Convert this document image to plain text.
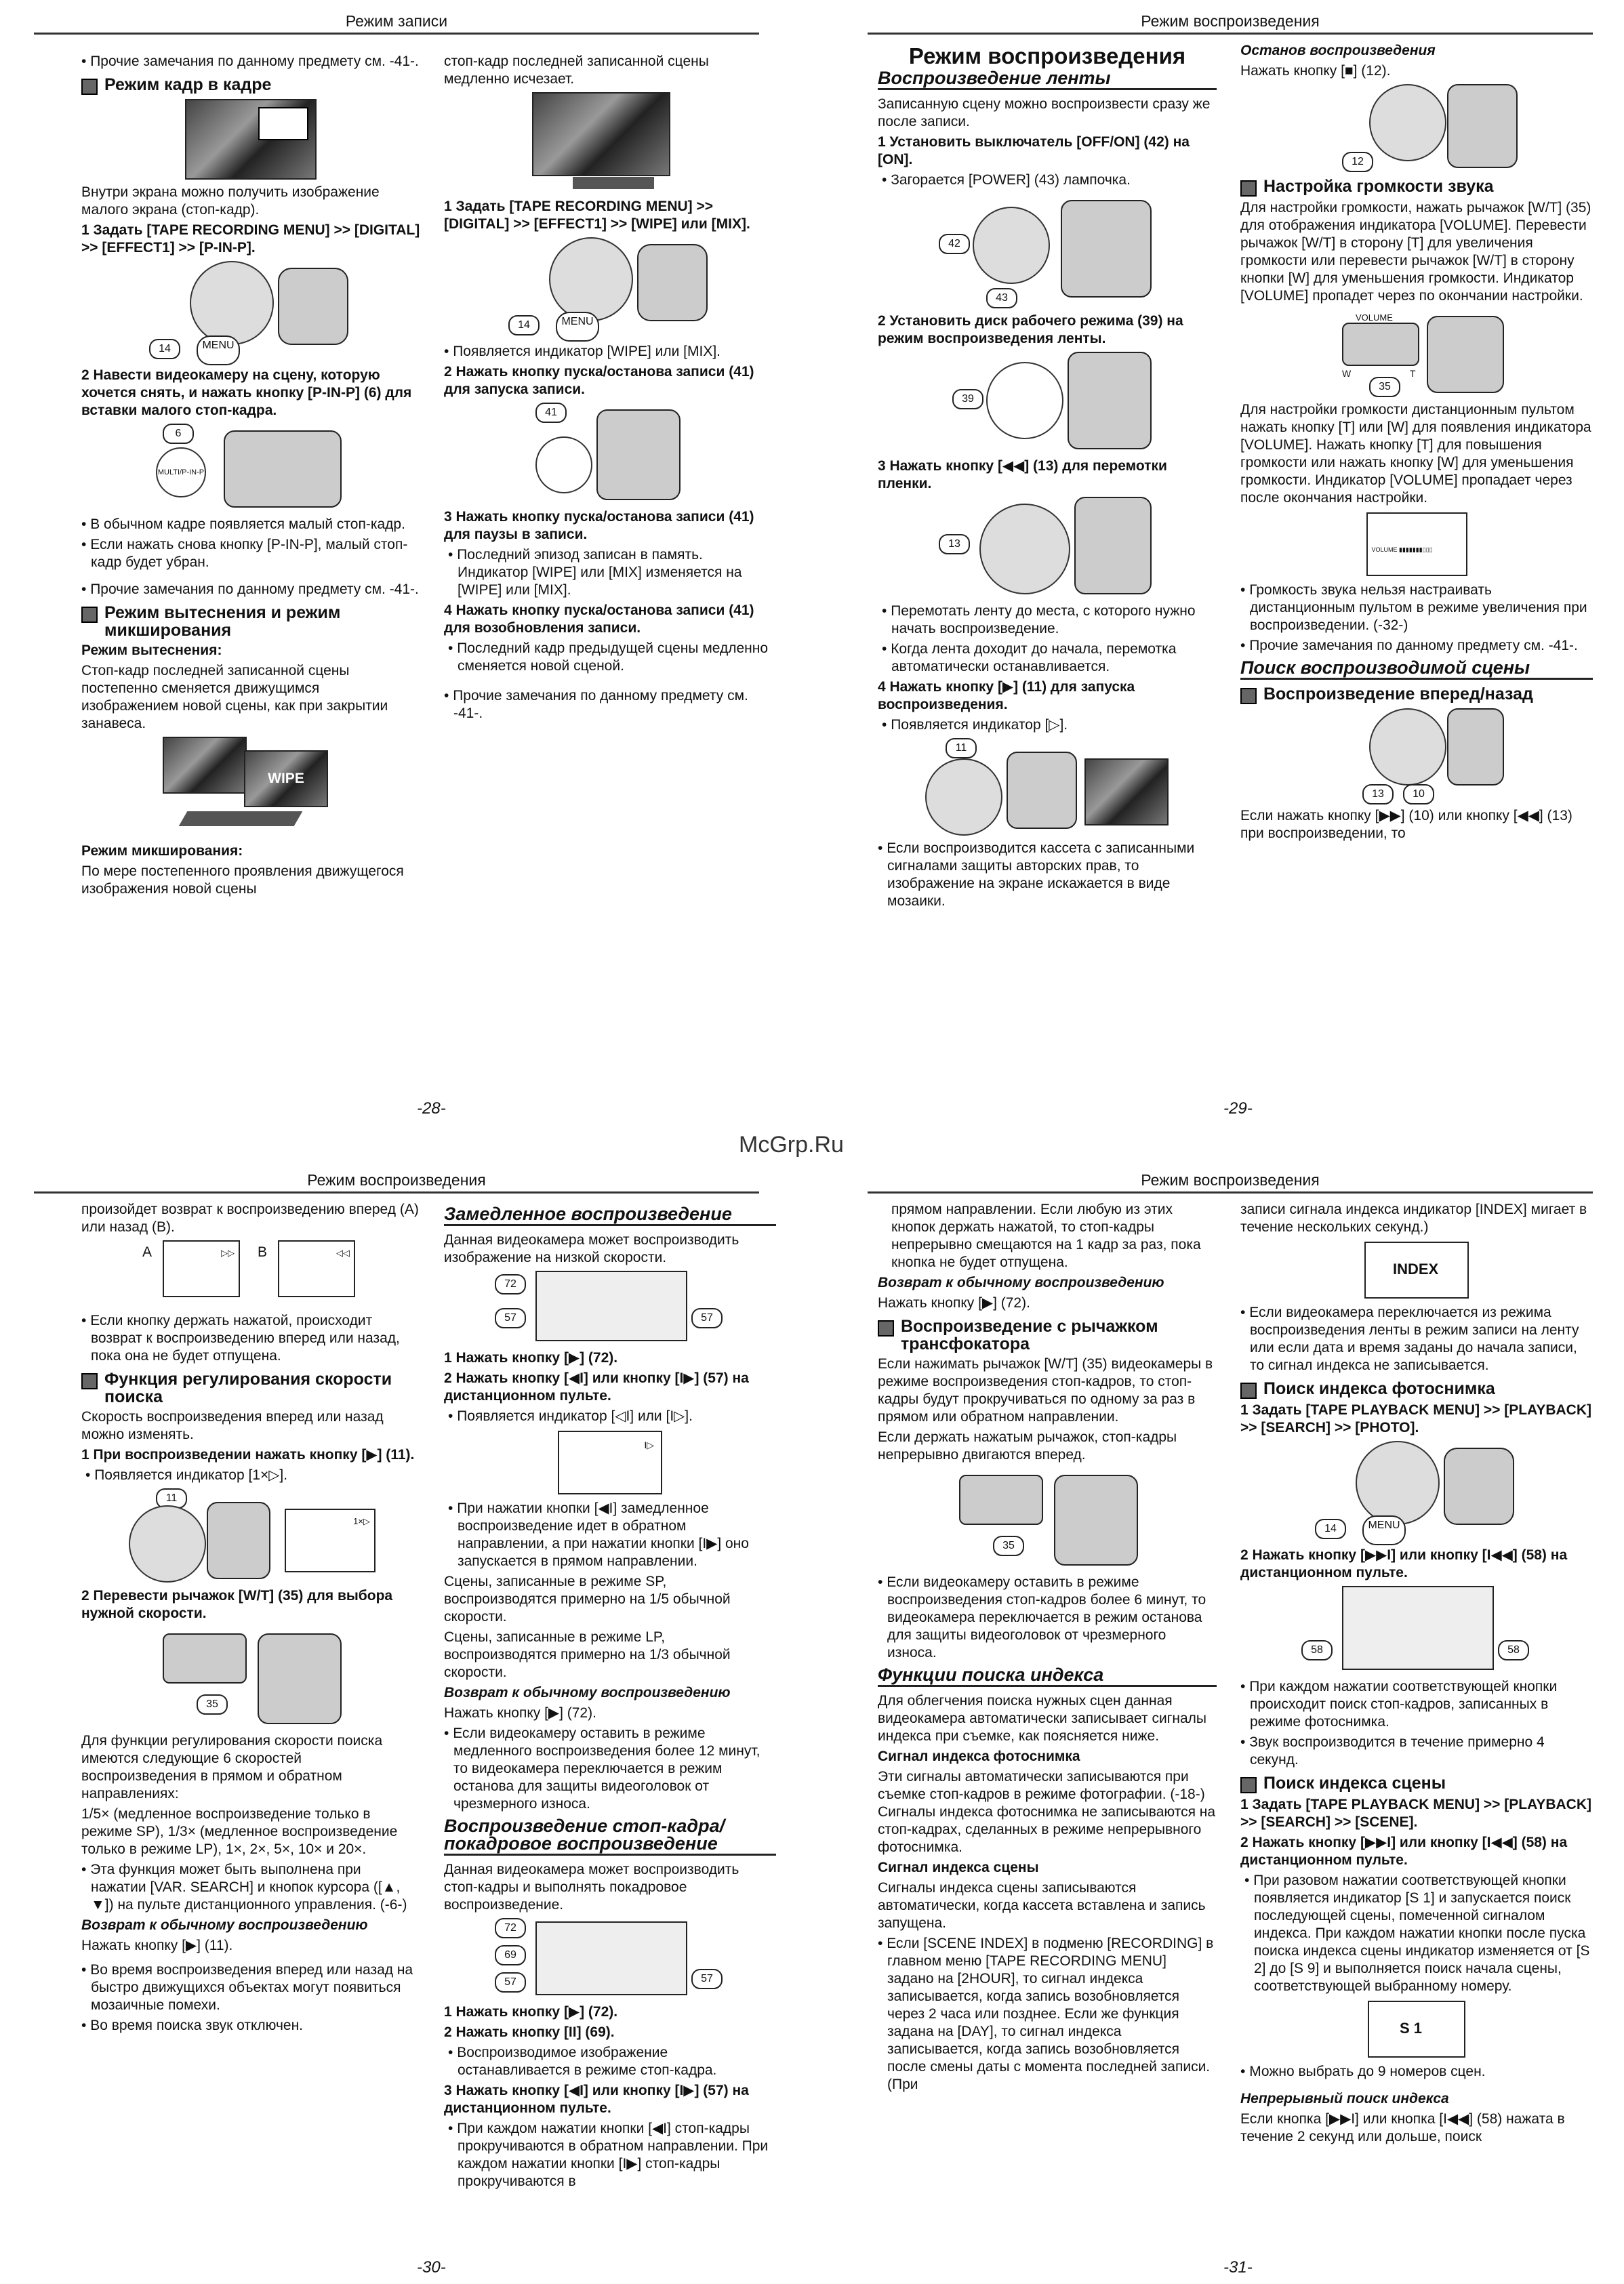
McGrp.Ru
Режим записи

• Прочие замечания по данному предмету см. -41-.

Режим кадр в кадре

Внутри экрана можно получить изображение малого экрана (стоп-кадр).

1 Задать [TAPE RECORDING MENU] >> [DIGITAL] >> [EFFECT1] >> [P-IN-P].

14	MENU

2 Навести видеокамеру на сцену, которую хочется снять, и нажать кнопку [P-IN-P] (6) для вставки малого стоп-кадра.

6
MULTI/P-IN-P

• В обычном кадре появляется малый стоп-кадр.

• Если нажать снова кнопку [P-IN-P], малый стоп-кадр будет убран.

• Прочие замечания по данному предмету см. -41-.

Режим вытеснения и режим микширования

Режим вытеснения:

Стоп-кадр последней записанной сцены постепенно сменяется движущимся изображением новой сцены, как при закрытии занавеса.

WIPE

Режим микширования:

По мере постепенного проявления движущегося изображения новой сцены

стоп-кадр последней записанной сцены медленно исчезает.

1 Задать [TAPE RECORDING MENU] >> [DIGITAL] >> [EFFECT1] >> [WIPE] или [MIX].

14	MENU

• Появляется индикатор [WIPE] или [MIX].

2 Нажать кнопку пуска/останова записи (41) для запуска записи.

41

3 Нажать кнопку пуска/останова записи (41) для паузы в записи.

• Последний эпизод записан в память. Индикатор [WIPE] или [MIX] изменяется на [WIPE] или [MIX].

4 Нажать кнопку пуска/останова записи (41) для возобновления записи.

• Последний кадр предыдущей сцены медленно сменяется новой сценой.

• Прочие замечания по данному предмету см. -41-.

-28-
Режим воспроизведения
Режим воспроизведения
Воспроизведение ленты

Записанную сцену можно воспроизвести сразу же после записи.

1 Установить выключатель [OFF/ON] (42) на [ON].

• Загорается [POWER] (43) лампочка.

42
43

2 Установить диск рабочего режима (39) на режим воспроизведения ленты.

39

3 Нажать кнопку [◀◀] (13) для перемотки пленки.

13

• Перемотать ленту до места, с которого нужно начать воспроизведение.

• Когда лента доходит до начала, перемотка автоматически останавливается.

4 Нажать кнопку [▶] (11) для запуска воспроизведения.

• Появляется индикатор [▷].

11

• Если воспроизводится кассета с записанными сигналами защиты авторских прав, то изображение на экране искажается в виде мозаики.

Останов воспроизведения

Нажать кнопку [■] (12).

12
Настройка громкости звука

Для настройки громкости, нажать рычажок [W/T] (35) для отображения индикатора [VOLUME]. Перевести рычажок [W/T] в сторону [T] для увеличения громкости или перевести рычажок [W/T] в сторону кнопки [W] для уменьшения громкости. Индикатор [VOLUME] пропадет через по окончании настройки.

VOLUME
W	T
35

Для настройки громкости дистанционным пультом нажать кнопку [T] или [W] для появления индикатора [VOLUME]. Нажать кнопку [T] для повышения громкости или нажать кнопку [W] для уменьшения громкости. Индикатор [VOLUME] пропадает через после окончания настройки.

VOLUME ▮▮▮▮▮▮▮▯▯▯

• Громкость звука нельзя настраивать дистанционным пультом в режиме увеличения при воспроизведении. (-32-)

• Прочие замечания по данному предмету см. -41-.

Поиск воспроизводимой сцены
Воспроизведение вперед/назад
13	10

Если нажать кнопку [▶▶] (10) или кнопку [◀◀] (13) при воспроизведении, то

-29-
Режим воспроизведения

произойдет возврат к воспроизведению вперед (A) или назад (B).

A	▷▷ B	◁◁

• Если кнопку держать нажатой, происходит возврат к воспроизведению вперед или назад, пока она не будет отпущена.

Функция регулирования скорости поиска

Скорость воспроизведения вперед или назад можно изменять.

1 При воспроизведении нажать кнопку [▶] (11).

• Появляется индикатор [1×▷].

11
1×▷

2 Перевести рычажок [W/T] (35) для выбора нужной скорости.

35

Для функции регулирования скорости поиска имеются следующие 6 скоростей воспроизведения в прямом и обратном направлениях:

1/5× (медленное воспроизведение только в режиме SP), 1/3× (медленное воспроизведение только в режиме LP), 1×, 2×, 5×, 10× и 20×.

• Эта функция может быть выполнена при нажатии [VAR. SEARCH] и кнопок курсора ([▲, ▼]) на пульте дистанционного управления. (-6-)

Возврат к обычному воспроизведению

Нажать кнопку [▶] (11).

• Во время воспроизведения вперед или назад на быстро движущихся объектах могут появиться мозаичные помехи.

• Во время поиска звук отключен.

Замедленное воспроизведение

Данная видеокамера может воспроизводить изображение на низкой скорости.

72
57	57

1 Нажать кнопку [▶] (72).

2 Нажать кнопку [◀I] или кнопку [I▶] (57) на дистанционном пульте.

• Появляется индикатор [◁I] или [I▷].

I▷

• При нажатии кнопки [◀I] замедленное воспроизведение идет в обратном направлении, а при нажатии кнопки [I▶] оно запускается в прямом направлении.

Сцены, записанные в режиме SP, воспроизводятся примерно на 1/5 обычной скорости.

Сцены, записанные в режиме LP, воспроизводятся примерно на 1/3 обычной скорости.

Возврат к обычному воспроизведению

Нажать кнопку [▶] (72).

• Если видеокамеру оставить в режиме медленного воспроизведения более 12 минут, то видеокамера переключается в режим останова для защиты видеоголовок от чрезмерного износа.

Воспроизведение стоп-кадра/ покадровое воспроизведение

Данная видеокамера может воспроизводить стоп-кадры и выполнять покадровое воспроизведение.

72
69
57	57

1 Нажать кнопку [▶] (72).

2 Нажать кнопку [II] (69).

• Воспроизводимое изображение останавливается в режиме стоп-кадра.

3 Нажать кнопку [◀I] или кнопку [I▶] (57) на дистанционном пульте.

• При каждом нажатии кнопки [◀I] стоп-кадры прокручиваются в обратном направлении. При каждом нажатии кнопки [I▶] стоп-кадры прокручиваются в

-30-
Режим воспроизведения

прямом направлении. Если любую из этих кнопок держать нажатой, то стоп-кадры непрерывно смещаются на 1 кадр за раз, пока кнопка не будет отпущена.

Возврат к обычному воспроизведению

Нажать кнопку [▶] (72).

Воспроизведение с рычажком трансфокатора

Если нажимать рычажок [W/T] (35) видеокамеры в режиме воспроизведения стоп-кадров, то стоп-кадры будут прокручиваться по одному за раз в прямом или обратном направлении.

Если держать нажатым рычажок, стоп-кадры непрерывно двигаются вперед.

35

• Если видеокамеру оставить в режиме воспроизведения стоп-кадров более 6 минут, то видеокамера переключается в режим останова для защиты видеоголовок от чрезмерного износа.

Функции поиска индекса

Для облегчения поиска нужных сцен данная видеокамера автоматически записывает сигналы индекса при съемке, как поясняется ниже.

Сигнал индекса фотоснимка

Эти сигналы автоматически записываются при съемке стоп-кадров в режиме фотографии. (-18-) Сигналы индекса фотоснимка не записываются на стоп-кадрах, сделанных в режиме непрерывного фотоснимка.

Сигнал индекса сцены

Сигналы индекса сцены записываются автоматически, когда кассета вставлена и запись запущена.

• Если [SCENE INDEX] в подменю [RECORDING] в главном меню [TAPE RECORDING MENU] задано на [2HOUR], то сигнал индекса записывается, когда запись возобновляется через 2 часа или позднее. Если же функция задана на [DAY], то сигнал индекса записывается, когда запись возобновляется после смены даты с момента последней записи. (При

записи сигнала индекса индикатор [INDEX] мигает в течение нескольких секунд.)

INDEX

• Если видеокамера переключается из режима воспроизведения ленты в режим записи на ленту или если дата и время заданы до начала записи, то сигнал индекса не записывается.

Поиск индекса фотоснимка

1 Задать [TAPE PLAYBACK MENU] >> [PLAYBACK] >> [SEARCH] >> [PHOTO].

14	MENU

2 Нажать кнопку [▶▶I] или кнопку [I◀◀] (58) на дистанционном пульте.

58	58

• При каждом нажатии соответствующей кнопки происходит поиск стоп-кадров, записанных в режиме фотоснимка.

• Звук воспроизводится в течение примерно 4 секунд.

Поиск индекса сцены

1 Задать [TAPE PLAYBACK MENU] >> [PLAYBACK] >> [SEARCH] >> [SCENE].

2 Нажать кнопку [▶▶I] или кнопку [I◀◀] (58) на дистанционном пульте.

• При разовом нажатии соответствующей кнопки появляется индикатор [S 1] и запускается поиск последующей сцены, помеченной сигналом индекса. При каждом нажатии кнопки после пуска поиска индекса сцены индикатор изменяется от [S 2] до [S 9] и выполняется поиск начала сцены, соответствующей выбранному номеру.

S 1

• Можно выбрать до 9 номеров сцен.

Непрерывный поиск индекса

Если кнопка [▶▶I] или кнопка [I◀◀] (58) нажата в течение 2 секунд или дольше, поиск

-31-
